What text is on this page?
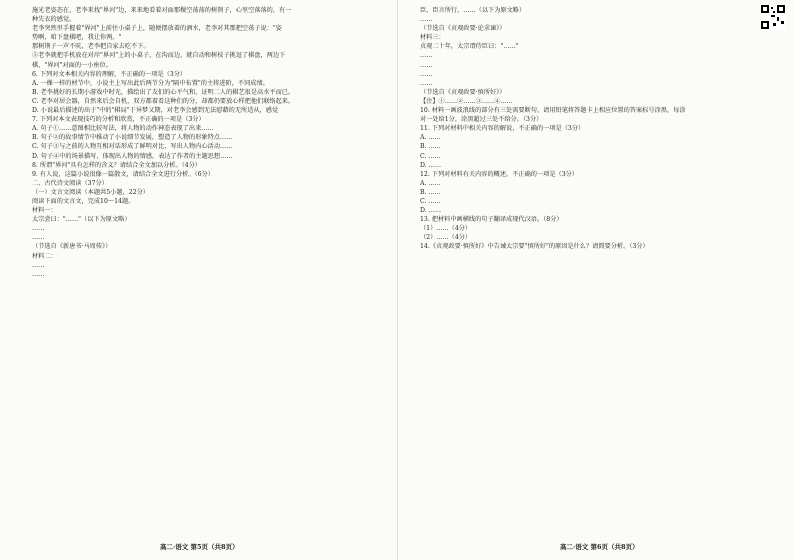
施光老姿态在，老李来找"界河"边，来来地看着对面那棵空荡荡的树荆子，心里空落落的，有一
种失衣的感觉。
老李突然里手握着"界河"上前往小桌子上，随便摆放着的酒水，老李对其那把空荡子说："姿
势啊，咱下盘棋吧，我让你两。"
那树荆子一声不吭，老李把自家去吃不下。
⑤老李就把手机放在对岸"界河"上的小桌子，在沟而边，就自动和树枝子挑逗了棋盘，两边下
棋，"界河"对面的一小座位。
6. 下列对文本相关内容的理解，不正确的一项是（3分）
A. 一棵一样的材节中，小说主上写出此后两节分为"隔中布置"的主将进阶，不同成绩。
B. 老李挑好的长期小游戏中时光，描绘出了友们的心平气和，证明二人的棋艺很是高水平而已。
C. 老李对居会器，自然来后会自机，双方都着看这种们的分，却都仍要放心样把他们联络起来。
D. 小说最后描述的出于"中的"棋局"于异梦又期，对老李会感到无法慰藉的无所适从，感觉
7. 下列对本文表现技巧的分析和欣赏，不正确的一项是（3分）
A. 句子①……意图相比较写法，将人物的动作神态表现了出来……
B. 句子②的故事情节中推动了小说细节发展，塑造了人物的形象特点……
C. 句子③与之前的人物互相对话形成了鲜明对比，写出人物内心活动……
D. 句子④中的场景描写，体现出人物的情感，表达了作者的主题思想……
8. 所谓"界河"具有怎样的含义？请结合全文加以分析。（4分）
9. 有人说，这篇小说很像一篇散文，请结合全文进行分析。（6分）
二、古代诗文阅读（37分）
（一）文言文阅读（本题共5小题，22分）
阅读下面的文言文，完成10～14题。
材料一：
太宗尝曰："……"（以下为原文略）
……
……
（节选自《新唐书·马周传》）
材料二：
……
……
臣，臣言所行，……（以下为原文略）
……
（节选自《贞观政要·论求谏》）
材料三：
贞观二十年，太宗谓侍臣曰："……"
……
……
……
……
（节选自《贞观政要·慎所好》）
【注】①……②……③……④……
10. 材料一画波浪线的部分有三处需要断句，请用铅笔将答题卡上相应位置的答案标号涂黑，每涂
对一处给1分，涂黑超过三处不给分。（3分）
11. 下列对材料中相关内容的解说，不正确的一项是（3分）
A. ……
B. ……
C. ……
D. ……
12. 下列对材料有关内容的概述，不正确的一项是（3分）
A. ……
B. ……
C. ……
D. ……
13. 把材料中画横线的句子翻译成现代汉语。（8分）
（1）……（4分）
（2）……（4分）
14.《贞观政要·慎所好》中告诫太宗要"慎所好"的原因是什么？请简要分析。（3分）
高二·语文 第5页（共8页）	高二·语文 第6页（共8页）
